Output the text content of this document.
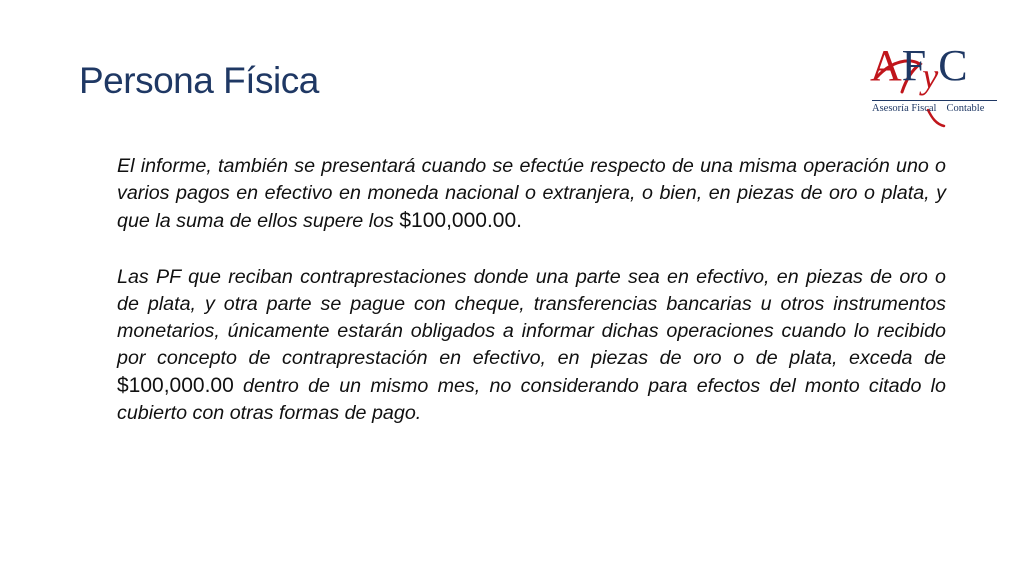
Persona Física	AFyC
Asesoría Fiscal Contable

El informe, también se presentará cuando se efectúe respecto de una misma operación uno o varios pagos en efectivo en moneda nacional o extranjera, o bien, en piezas de oro o plata, y que la suma de ellos supere los $100,000.00.

Las PF que reciban contraprestaciones donde una parte sea en efectivo, en piezas de oro o de plata, y otra parte se pague con cheque, transferencias bancarias u otros instrumentos monetarios, únicamente estarán obligados a informar dichas operaciones cuando lo recibido por concepto de contraprestación en efectivo, en piezas de oro o de plata, exceda de $100,000.00 dentro de un mismo mes, no considerando para efectos del monto citado lo cubierto con otras formas de pago.
